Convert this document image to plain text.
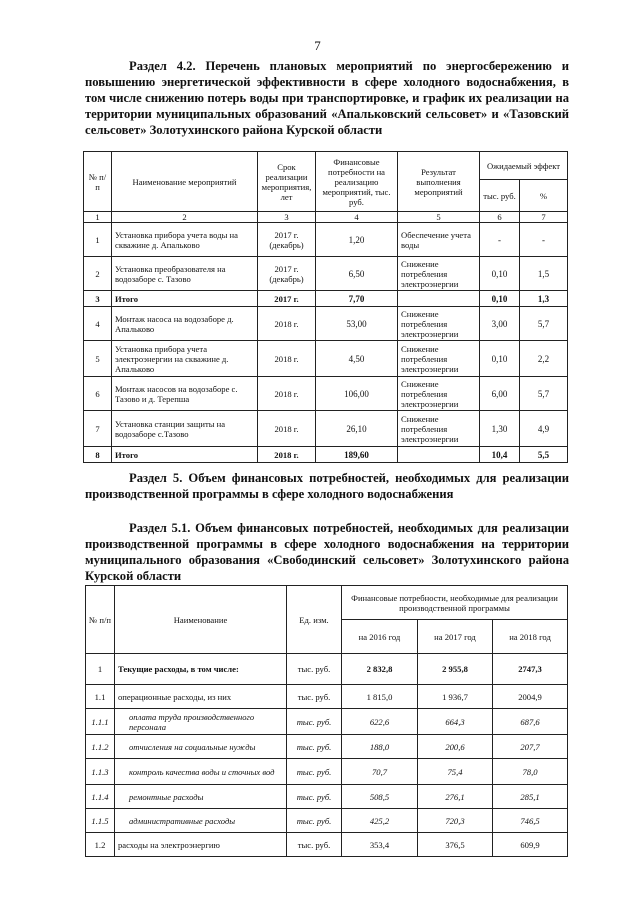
7
Раздел 4.2. Перечень плановых мероприятий по энергосбережению и повышению энергетической эффективности в сфере холодного водоснабжения, в том числе снижению потерь воды при транспортировке, и график их реализации на территории муниципальных образований «Апальковский сельсовет» и «Тазовский сельсовет» Золотухинского района Курской области
№ п/п	Наименование мероприятий	Срок реализации мероприятия, лет	Финансовые потребности на реализацию мероприятий, тыс. руб.	Результат выполнения мероприятий	Ожидаемый эффект	
					тыс. руб.	%
1	2	3	4	5	6	7
1	Установка прибора учета воды на скважине д. Апальково	2017 г. (декабрь)	1,20	Обеспечение учета воды	-	-
2	Установка преобразователя на водозаборе с. Тазово	2017 г. (декабрь)	6,50	Снижение потребления электроэнергии	0,10	1,5
3	Итого	2017 г.	7,70		0,10	1,3
4	Монтаж насоса на водозаборе д. Апальково	2018 г.	53,00	Снижение потребления электроэнергии	3,00	5,7
5	Установка прибора учета электроэнергии на скважине д. Апальково	2018 г.	4,50	Снижение потребления электроэнергии	0,10	2,2
6	Монтаж насосов на водозаборе с. Тазово и д. Терепша	2018 г.	106,00	Снижение потребления электроэнергии	6,00	5,7
7	Установка станции защиты на водозаборе с.Тазово	2018 г.	26,10	Снижение потребления электроэнергии	1,30	4,9
8	Итого	2018 г.	189,60		10,4	5,5
Раздел 5. Объем финансовых потребностей, необходимых для реализации производственной программы в сфере холодного водоснабжения
Раздел 5.1. Объем финансовых потребностей, необходимых для реализации производственной программы в сфере холодного водоснабжения на территории муниципального образования «Свободинский сельсовет» Золотухинского района Курской области
№ п/п	Наименование	Ед. изм.	Финансовые потребности, необходимые для реализации производственной программы		
			на 2016 год	на 2017 год	на 2018 год
1	Текущие расходы, в том числе:	тыс. руб.	2 832,8	2 955,8	2747,3
1.1	операционные расходы, из них	тыс. руб.	1 815,0	1 936,7	2004,9
1.1.1	оплата труда производственного персонала	тыс. руб.	622,6	664,3	687,6
1.1.2	отчисления на социальные нужды	тыс. руб.	188,0	200,6	207,7
1.1.3	контроль качества воды и сточных вод	тыс. руб.	70,7	75,4	78,0
1.1.4	ремонтные расходы	тыс. руб.	508,5	276,1	285,1
1.1.5	административные расходы	тыс. руб.	425,2	720,3	746,5
1.2	расходы на электроэнергию	тыс. руб.	353,4	376,5	609,9
